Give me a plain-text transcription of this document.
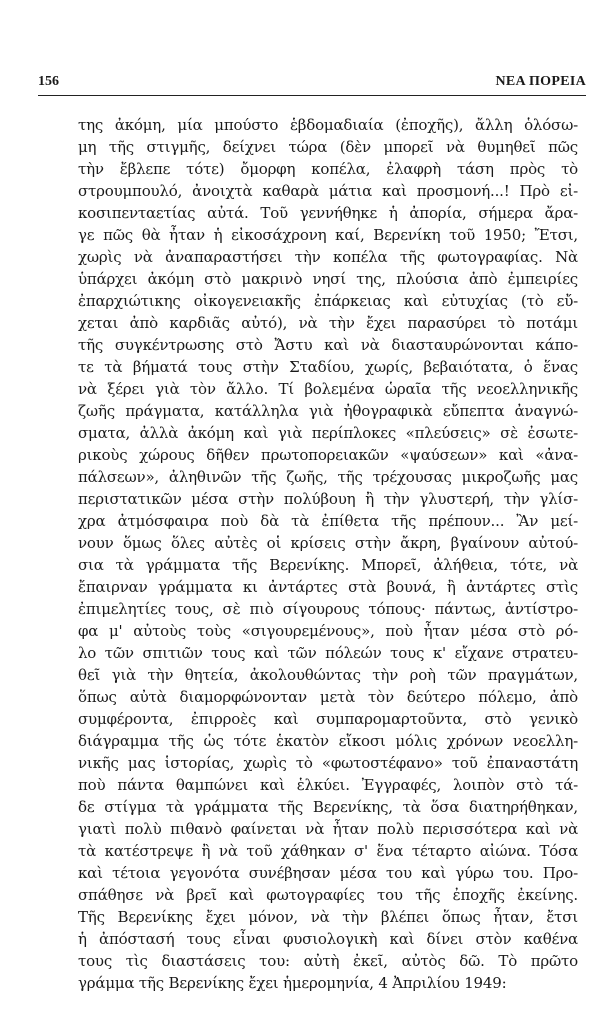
156	ΝΕΑ ΠΟΡΕΙΑ
της ἀκόμη, μία μπούστο ἑβδομαδιαία (ἐποχῆς), ἄλλη ὁλόσω-
μη τῆς στιγμῆς, δείχνει τώρα (δὲν μπορεῖ νὰ θυμηθεῖ πῶς
τὴν ἔβλεπε τότε) ὄμορφη κοπέλα, ἐλαφρὴ τάση πρὸς τὸ
στρουμπουλό, ἀνοιχτὰ καθαρὰ μάτια καὶ προσμονή...! Πρὸ εἰ-
κοσιπενταετίας αὐτά. Τοῦ γεννήθηκε ἡ ἀπορία, σήμερα ἄρα-
γε πῶς θὰ ἦταν ἡ εἰκοσάχρονη καί, Βερενίκη τοῦ 1950; Ἔτσι,
χωρὶς νὰ ἀναπαραστήσει τὴν κοπέλα τῆς φωτογραφίας. Νὰ
ὑπάρχει ἀκόμη στὸ μακρινὸ νησί της, πλούσια ἀπὸ ἐμπειρίες
ἐπαρχιώτικης οἰκογενειακῆς ἐπάρκειας καὶ εὐτυχίας (τὸ εὔ-
χεται ἀπὸ καρδιᾶς αὐτό), νὰ τὴν ἔχει παρασύρει τὸ ποτάμι
τῆς συγκέντρωσης στὸ Ἄστυ καὶ νὰ διασταυρώνονται κάπο-
τε τὰ βήματά τους στὴν Σταδίου, χωρίς, βεβαιότατα, ὁ ἕνας
νὰ ξέρει γιὰ τὸν ἄλλο. Τί βολεμένα ὡραῖα τῆς νεοελληνικῆς
ζωῆς πράγματα, κατάλληλα γιὰ ἠθογραφικὰ εὔπεπτα ἀναγνώ-
σματα, ἀλλὰ ἀκόμη καὶ γιὰ περίπλοκες «πλεύσεις» σὲ ἐσωτε-
ρικοὺς χώρους δῆθεν πρωτοπορειακῶν «ψαύσεων» καὶ «ἀνα-
πάλσεων», ἀληθινῶν τῆς ζωῆς, τῆς τρέχουσας μικροζωῆς μας
περιστατικῶν μέσα στὴν πολύβουη ἢ τὴν γλυστερή, τὴν γλίσ-
χρα ἀτμόσφαιρα ποὺ δὰ τὰ ἐπίθετα τῆς πρέπουν... Ἂν μεί-
νουν ὅμως ὅλες αὐτὲς οἱ κρίσεις στὴν ἄκρη, βγαίνουν αὐτού-
σια τὰ γράμματα τῆς Βερενίκης. Μπορεῖ, ἀλήθεια, τότε, νὰ
ἔπαιρναν γράμματα κι ἀντάρτες στὰ βουνά, ἢ ἀντάρτες στὶς
ἐπιμελητίες τους, σὲ πιὸ σίγουρους τόπους· πάντως, ἀντίστρο-
φα μ' αὐτοὺς τοὺς «σιγουρεμένους», ποὺ ἦταν μέσα στὸ ρό-
λο τῶν σπιτιῶν τους καὶ τῶν πόλεών τους κ' εἴχανε στρατευ-
θεῖ γιὰ τὴν θητεία, ἀκολουθώντας τὴν ροὴ τῶν πραγμάτων,
ὅπως αὐτὰ διαμορφώνονταν μετὰ τὸν δεύτερο πόλεμο, ἀπὸ
συμφέροντα, ἐπιρροὲς καὶ συμπαρομαρτοῦντα, στὸ γενικὸ
διάγραμμα τῆς ὡς τότε ἑκατὸν εἴκοσι μόλις χρόνων νεοελλη-
νικῆς μας ἱστορίας, χωρὶς τὸ «φωτοστέφανο» τοῦ ἐπαναστάτη
ποὺ πάντα θαμπώνει καὶ ἑλκύει. Ἐγγραφές, λοιπὸν στὸ τά-
δε στίγμα τὰ γράμματα τῆς Βερενίκης, τὰ ὅσα διατηρήθηκαν,
γιατὶ πολὺ πιθανὸ φαίνεται νὰ ἦταν πολὺ περισσότερα καὶ νὰ
τὰ κατέστρεψε ἢ νὰ τοῦ χάθηκαν σ' ἕνα τέταρτο αἰώνα. Τόσα
καὶ τέτοια γεγονότα συνέβησαν μέσα του καὶ γύρω του. Προ-
σπάθησε νὰ βρεῖ καὶ φωτογραφίες του τῆς ἐποχῆς ἐκείνης.
Τῆς Βερενίκης ἔχει μόνον, νὰ τὴν βλέπει ὅπως ἦταν, ἔτσι
ἡ ἀπόστασή τους εἶναι φυσιολογικὴ καὶ δίνει στὸν καθένα
τους τὶς διαστάσεις του: αὐτὴ ἐκεῖ, αὐτὸς δῶ. Τὸ πρῶτο
γράμμα τῆς Βερενίκης ἔχει ἡμερομηνία, 4 Ἀπριλίου 1949:
